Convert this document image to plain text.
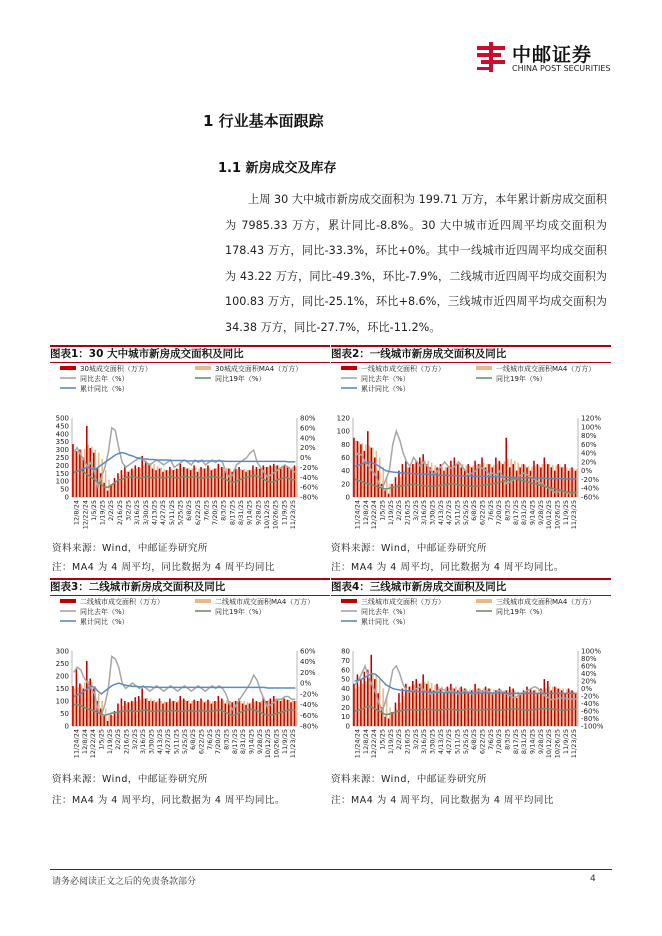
中邮证券
CHINA POST SECURITIES
1 行业基本面跟踪
1.1 新房成交及库存
上周 30 大中城市新房成交面积为 199.71 万方，本年累计新房成交面积为 7985.33 万方，累计同比-8.8%。30 大中城市近四周平均成交面积为 178.43 万方，同比-33.3%，环比+0%。其中一线城市近四周平均成交面积为 43.22 万方，同比-49.3%，环比-7.9%，二线城市近四周平均成交面积为 100.83 万方，同比-25.1%，环比+8.6%，三线城市近四周平均成交面积为 34.38 万方，同比-27.7%，环比-11.2%。
图表1：30 大中城市新房成交面积及同比
30城成交面积（万方）	30城成交面积MA4（万方）
同比去年（%）	同比19年（%）
累计同比（%）
0
50
100
150
200
250
300
350
400
450
500
-80%
-60%
-40%
-20%
0%
20%
40%
60%
80%
12/8/24 12/22/24 1/5/25 1/19/25 2/2/25 2/16/25 3/2/25 3/16/25 3/30/25 4/13/25 4/27/25 5/11/25 5/25/25 6/8/25 6/22/25 7/6/25 7/20/25 8/3/25 8/17/25 8/31/25 9/14/25 9/28/25 10/12/25 10/26/25 11/9/25 11/23/25
图表2：一线城市新房成交面积及同比
一线城市成交面积（万方）	一线城市成交面积MA4（万方）
同比去年（%）	同比19年（%）
累计同比（%）
0
20
40
60
80
100
120
-60%
-40%
-20%
0%
20%
40%
60%
80%
100%
120%
11/24/24 12/8/24 12/22/24 1/5/25 1/19/25 2/2/25 2/16/25 3/2/25 3/16/25 3/30/25 4/13/25 4/27/25 5/11/25 5/25/25 6/8/25 6/22/25 7/6/25 7/20/25 8/3/25 8/17/25 8/31/25 9/14/25 9/28/25 10/12/25 10/26/25 11/9/25 11/23/25
资料来源：Wind，中邮证券研究所
注：MA4 为 4 周平均，同比数据为 4 周平均同比
资料来源：Wind，中邮证券研究所
注：MA4 为 4 周平均，同比数据为 4 周平均同比。
图表3：二线城市新房成交面积及同比
二线城市成交面积（万方）	二线城市成交面积MA4（万方）
同比去年（%）	同比19年（%）
累计同比（%）
0
50
100
150
200
250
300
-80%
-60%
-40%
-20%
0%
20%
40%
60%
11/24/24 12/8/24 12/22/24 1/5/25 1/19/25 2/2/25 2/16/25 3/2/25 3/16/25 3/30/25 4/13/25 4/27/25 5/11/25 5/25/25 6/8/25 6/22/25 7/6/25 7/20/25 8/3/25 8/17/25 8/31/25 9/14/25 9/28/25 10/12/25 10/26/25 11/9/25 11/23/25
图表4：三线城市新房成交面积及同比
三线城市成交面积（万方）	三线城市成交面积MA4（万方）
同比去年（%）	同比19年（%）
累计同比（%）
0
10
20
30
40
50
60
70
80
-100%
-80%
-60%
-40%
-20%
0%
20%
40%
60%
80%
100%
11/24/24 12/8/24 12/22/24 1/5/25 1/19/25 2/2/25 2/16/25 3/2/25 3/16/25 3/30/25 4/13/25 4/27/25 5/11/25 5/25/25 6/8/25 6/22/25 7/6/25 7/20/25 8/3/25 8/17/25 8/31/25 9/14/25 9/28/25 10/12/25 10/26/25 11/9/25 11/23/25
资料来源：Wind，中邮证券研究所
注：MA4 为 4 周平均，同比数据为 4 周平均同比。
资料来源：Wind，中邮证券研究所
注：MA4 为 4 周平均，同比数据为 4 周平均同比
请务必阅读正文之后的免责条款部分	4
